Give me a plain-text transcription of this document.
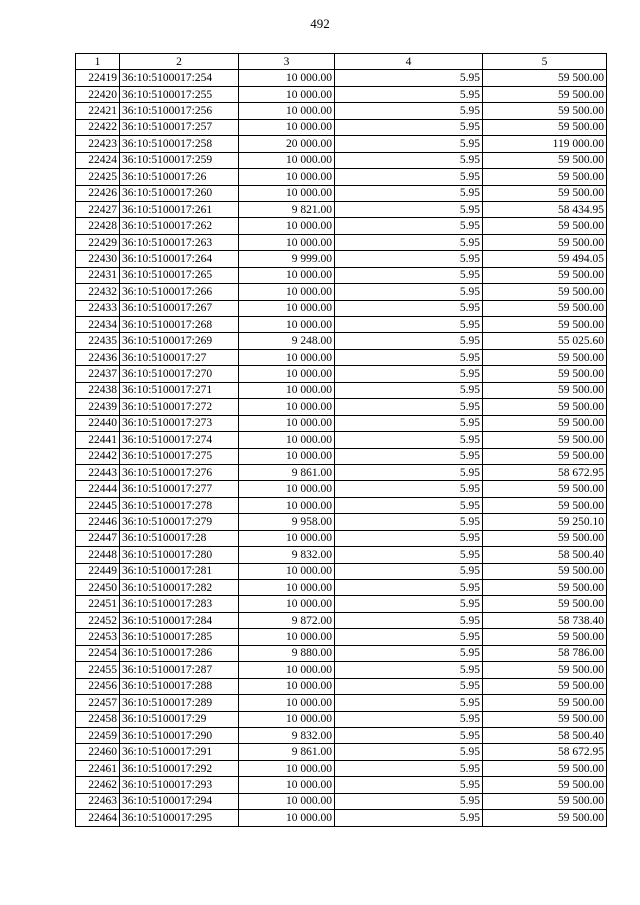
492
1	2	3	4	5
22419	36:10:5100017:254	10 000.00	5.95	59 500.00
22420	36:10:5100017:255	10 000.00	5.95	59 500.00
22421	36:10:5100017:256	10 000.00	5.95	59 500.00
22422	36:10:5100017:257	10 000.00	5.95	59 500.00
22423	36:10:5100017:258	20 000.00	5.95	119 000.00
22424	36:10:5100017:259	10 000.00	5.95	59 500.00
22425	36:10:5100017:26	10 000.00	5.95	59 500.00
22426	36:10:5100017:260	10 000.00	5.95	59 500.00
22427	36:10:5100017:261	9 821.00	5.95	58 434.95
22428	36:10:5100017:262	10 000.00	5.95	59 500.00
22429	36:10:5100017:263	10 000.00	5.95	59 500.00
22430	36:10:5100017:264	9 999.00	5.95	59 494.05
22431	36:10:5100017:265	10 000.00	5.95	59 500.00
22432	36:10:5100017:266	10 000.00	5.95	59 500.00
22433	36:10:5100017:267	10 000.00	5.95	59 500.00
22434	36:10:5100017:268	10 000.00	5.95	59 500.00
22435	36:10:5100017:269	9 248.00	5.95	55 025.60
22436	36:10:5100017:27	10 000.00	5.95	59 500.00
22437	36:10:5100017:270	10 000.00	5.95	59 500.00
22438	36:10:5100017:271	10 000.00	5.95	59 500.00
22439	36:10:5100017:272	10 000.00	5.95	59 500.00
22440	36:10:5100017:273	10 000.00	5.95	59 500.00
22441	36:10:5100017:274	10 000.00	5.95	59 500.00
22442	36:10:5100017:275	10 000.00	5.95	59 500.00
22443	36:10:5100017:276	9 861.00	5.95	58 672.95
22444	36:10:5100017:277	10 000.00	5.95	59 500.00
22445	36:10:5100017:278	10 000.00	5.95	59 500.00
22446	36:10:5100017:279	9 958.00	5.95	59 250.10
22447	36:10:5100017:28	10 000.00	5.95	59 500.00
22448	36:10:5100017:280	9 832.00	5.95	58 500.40
22449	36:10:5100017:281	10 000.00	5.95	59 500.00
22450	36:10:5100017:282	10 000.00	5.95	59 500.00
22451	36:10:5100017:283	10 000.00	5.95	59 500.00
22452	36:10:5100017:284	9 872.00	5.95	58 738.40
22453	36:10:5100017:285	10 000.00	5.95	59 500.00
22454	36:10:5100017:286	9 880.00	5.95	58 786.00
22455	36:10:5100017:287	10 000.00	5.95	59 500.00
22456	36:10:5100017:288	10 000.00	5.95	59 500.00
22457	36:10:5100017:289	10 000.00	5.95	59 500.00
22458	36:10:5100017:29	10 000.00	5.95	59 500.00
22459	36:10:5100017:290	9 832.00	5.95	58 500.40
22460	36:10:5100017:291	9 861.00	5.95	58 672.95
22461	36:10:5100017:292	10 000.00	5.95	59 500.00
22462	36:10:5100017:293	10 000.00	5.95	59 500.00
22463	36:10:5100017:294	10 000.00	5.95	59 500.00
22464	36:10:5100017:295	10 000.00	5.95	59 500.00
